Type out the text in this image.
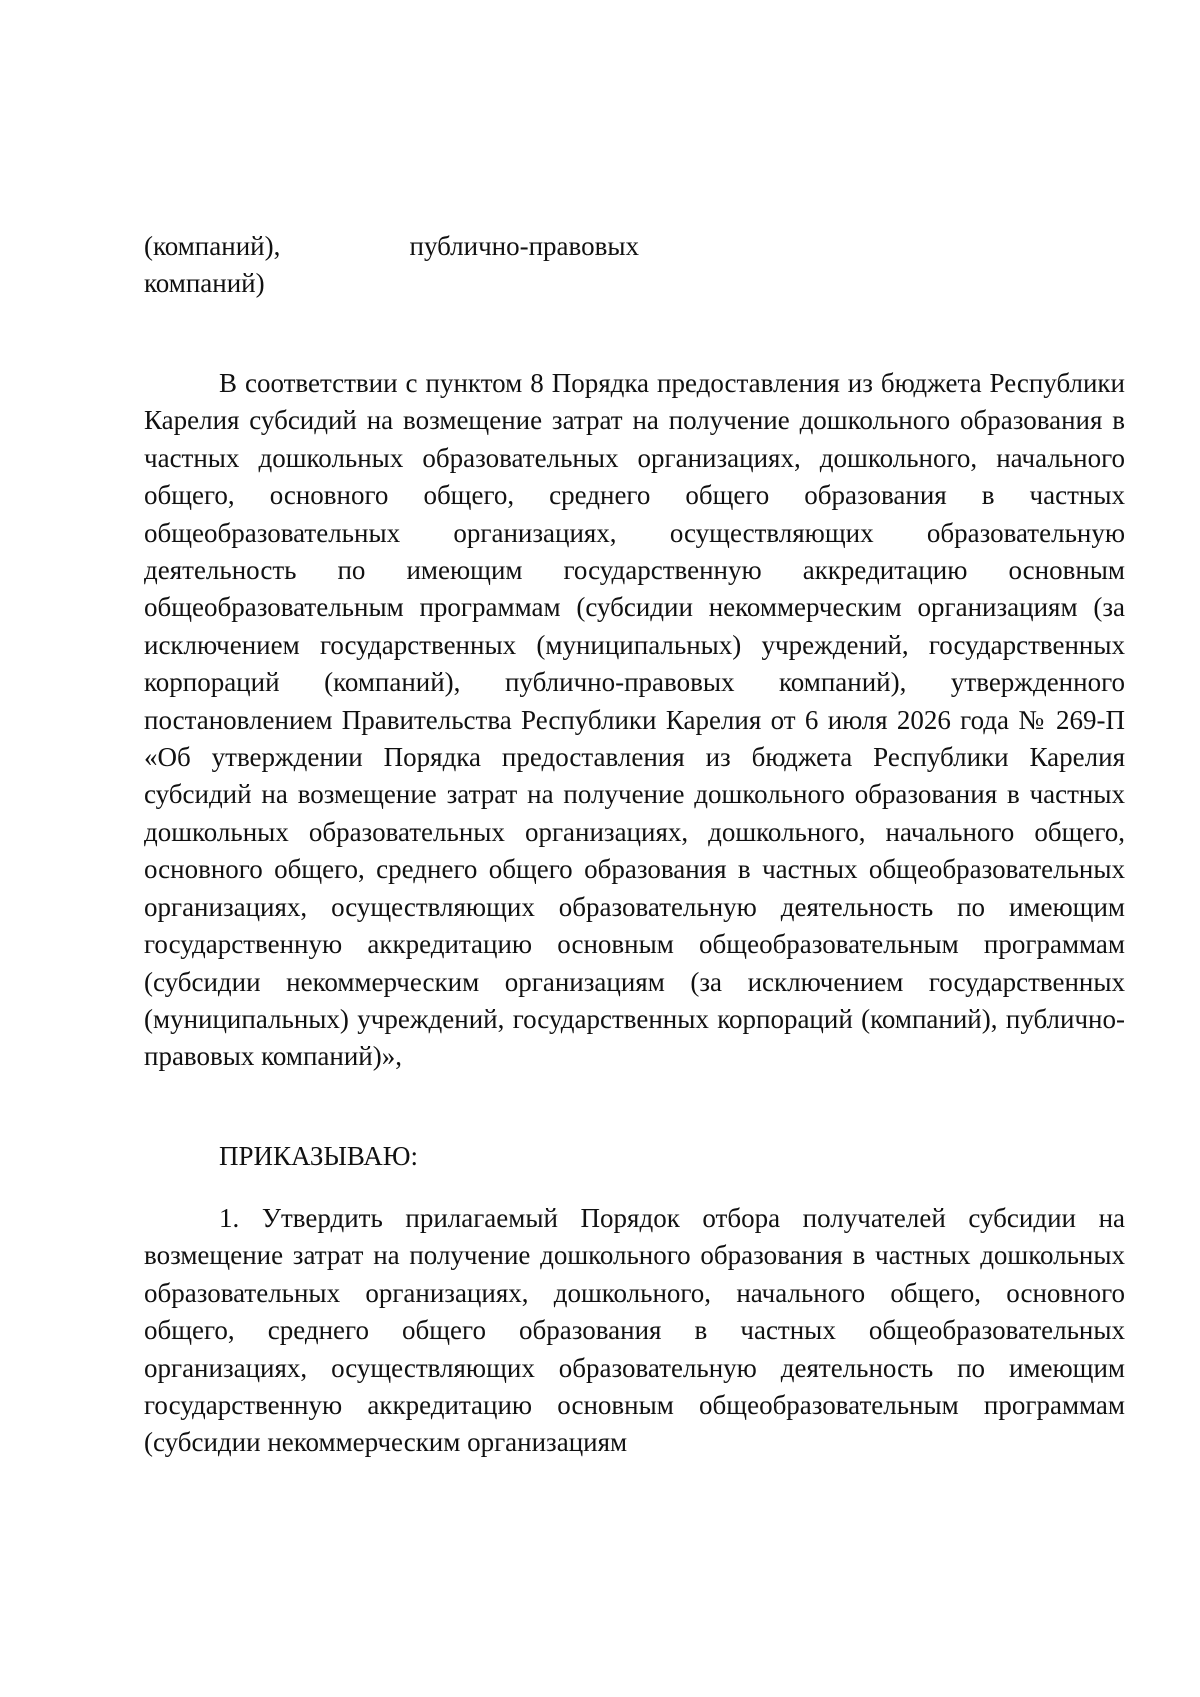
(компаний),	публично-правовых
компаний)

В соответствии с пунктом 8 Порядка предоставления из бюджета Республики Карелия субсидий на возмещение затрат на получение дошкольного образования в частных дошкольных образовательных организациях, дошкольного, начального общего, основного общего, среднего общего образования в частных общеобразовательных организациях, осуществляющих образовательную деятельность по имеющим государственную аккредитацию основным общеобразовательным программам (субсидии некоммерческим организациям (за исключением государственных (муниципальных) учреждений, государственных корпораций (компаний), публично-правовых компаний), утвержденного постановлением Правительства Республики Карелия от 6 июля 2026 года № 269-П «Об утверждении Порядка предоставления из бюджета Республики Карелия субсидий на возмещение затрат на получение дошкольного образования в частных дошкольных образовательных организациях, дошкольного, начального общего, основного общего, среднего общего образования в частных общеобразовательных организациях, осуществляющих образовательную деятельность по имеющим государственную аккредитацию основным общеобразовательным программам (субсидии некоммерческим организациям (за исключением государственных (муниципальных) учреждений, государственных корпораций (компаний), публично-правовых компаний)»,

ПРИКАЗЫВАЮ:

1. Утвердить прилагаемый Порядок отбора получателей субсидии на возмещение затрат на получение дошкольного образования в частных дошкольных образовательных организациях, дошкольного, начального общего, основного общего, среднего общего образования в частных общеобразовательных организациях, осуществляющих образовательную деятельность по имеющим государственную аккредитацию основным общеобразовательным программам (субсидии некоммерческим организациям
